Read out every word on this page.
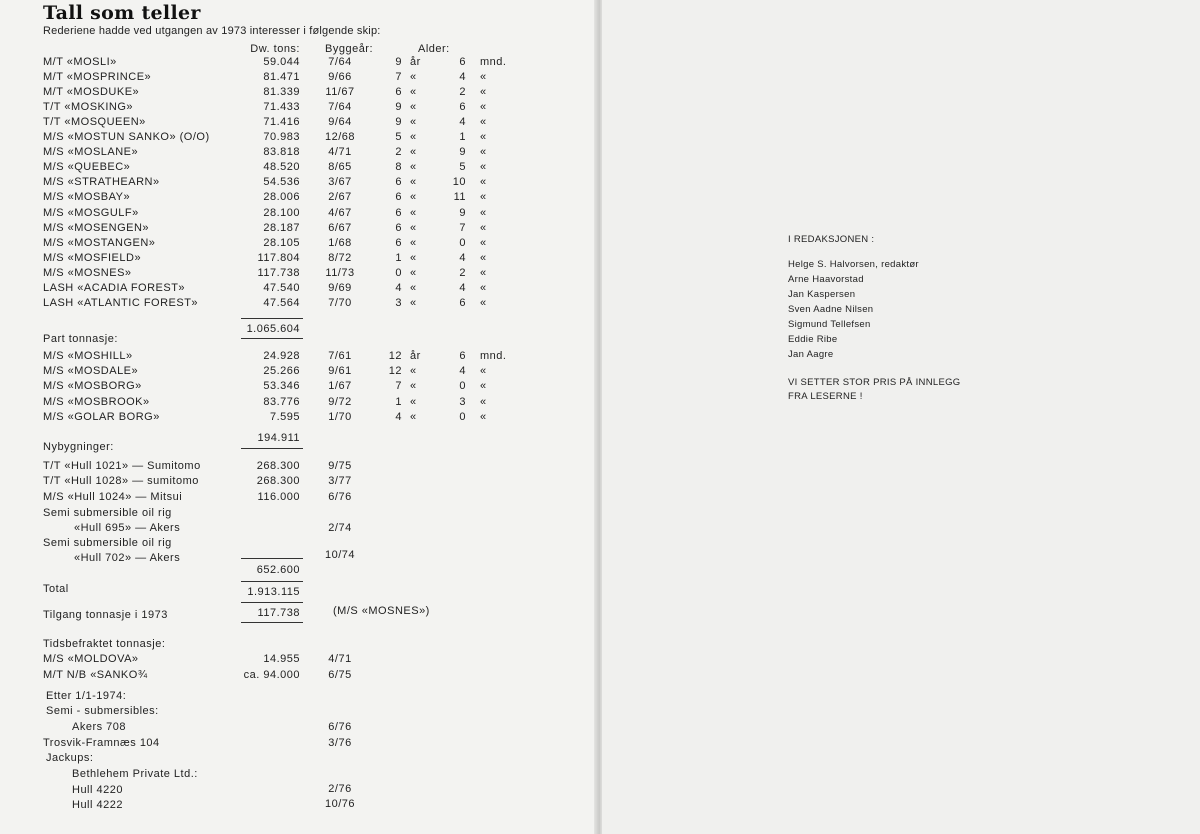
Tall som teller
Rederiene hadde ved utgangen av 1973 interesser i følgende skip:
Dw. tons: Byggeår:	Alder:
M/T «MOSLI»	59.044	7/64	9 år	6 mnd.
M/T «MOSPRINCE»	81.471	9/66	7 «	4 «
M/T «MOSDUKE»	81.339	11/67	6 «	2 «
T/T «MOSKING»	71.433	7/64	9 «	6 «
T/T «MOSQUEEN»	71.416	9/64	9 «	4 «
M/S «MOSTUN SANKO» (O/O)	70.983	12/68	5 «	1 «
M/S «MOSLANE»	83.818	4/71	2 «	9 «
M/S «QUEBEC»	48.520	8/65	8 «	5 «
M/S «STRATHEARN»	54.536	3/67	6 «	10 «
M/S «MOSBAY»	28.006	2/67	6 «	11 «
M/S «MOSGULF»	28.100	4/67	6 «	9 «
M/S «MOSENGEN»	28.187	6/67	6 «	7 «
M/S «MOSTANGEN»	28.105	1/68	6 «	0 «
M/S «MOSFIELD»	117.804	8/72	1 «	4 «
M/S «MOSNES»	117.738	11/73	0 «	2 «
LASH «ACADIA FOREST»	47.540	9/69	4 «	4 «
LASH «ATLANTIC FOREST»	47.564	7/70	3 «	6 «
1.065.604
Part tonnasje:
M/S «MOSHILL»	24.928	7/61	12 år	6 mnd.
M/S «MOSDALE»	25.266	9/61	12 «	4 «
M/S «MOSBORG»	53.346	1/67	7 «	0 «
M/S «MOSBROOK»	83.776	9/72	1 «	3 «
M/S «GOLAR BORG»	7.595	1/70	4 «	0 «
194.911
Nybygninger:
T/T «Hull 1021» — Sumitomo	268.300	9/75
T/T «Hull 1028» — sumitomo	268.300	3/77
M/S «Hull 1024» — Mitsui	116.000	6/76
Semi submersible oil rig
«Hull 695» — Akers	2/74
Semi submersible oil rig
«Hull 702» — Akers	10/74
652.600
Total	1.913.115
Tilgang tonnasje i 1973	117.738	(M/S «MOSNES»)
Tidsbefraktet tonnasje:
M/S «MOLDOVA»	14.955	4/71
M/T N/B «SANKO¾	ca. 94.000	6/75
Etter 1/1-1974:
Semi - submersibles:
Akers 708	6/76
Trosvik-Framnæs 104	3/76
Jackups:
Bethlehem Private Ltd.:
Hull 4220	2/76
Hull 4222	10/76
I REDAKSJONEN :
Helge S. Halvorsen, redaktør
Arne Haavorstad
Jan Kaspersen
Sven Aadne Nilsen
Sigmund Tellefsen
Eddie Ribe
Jan Aagre
VI SETTER STOR PRIS PÅ INNLEGG
FRA LESERNE !
